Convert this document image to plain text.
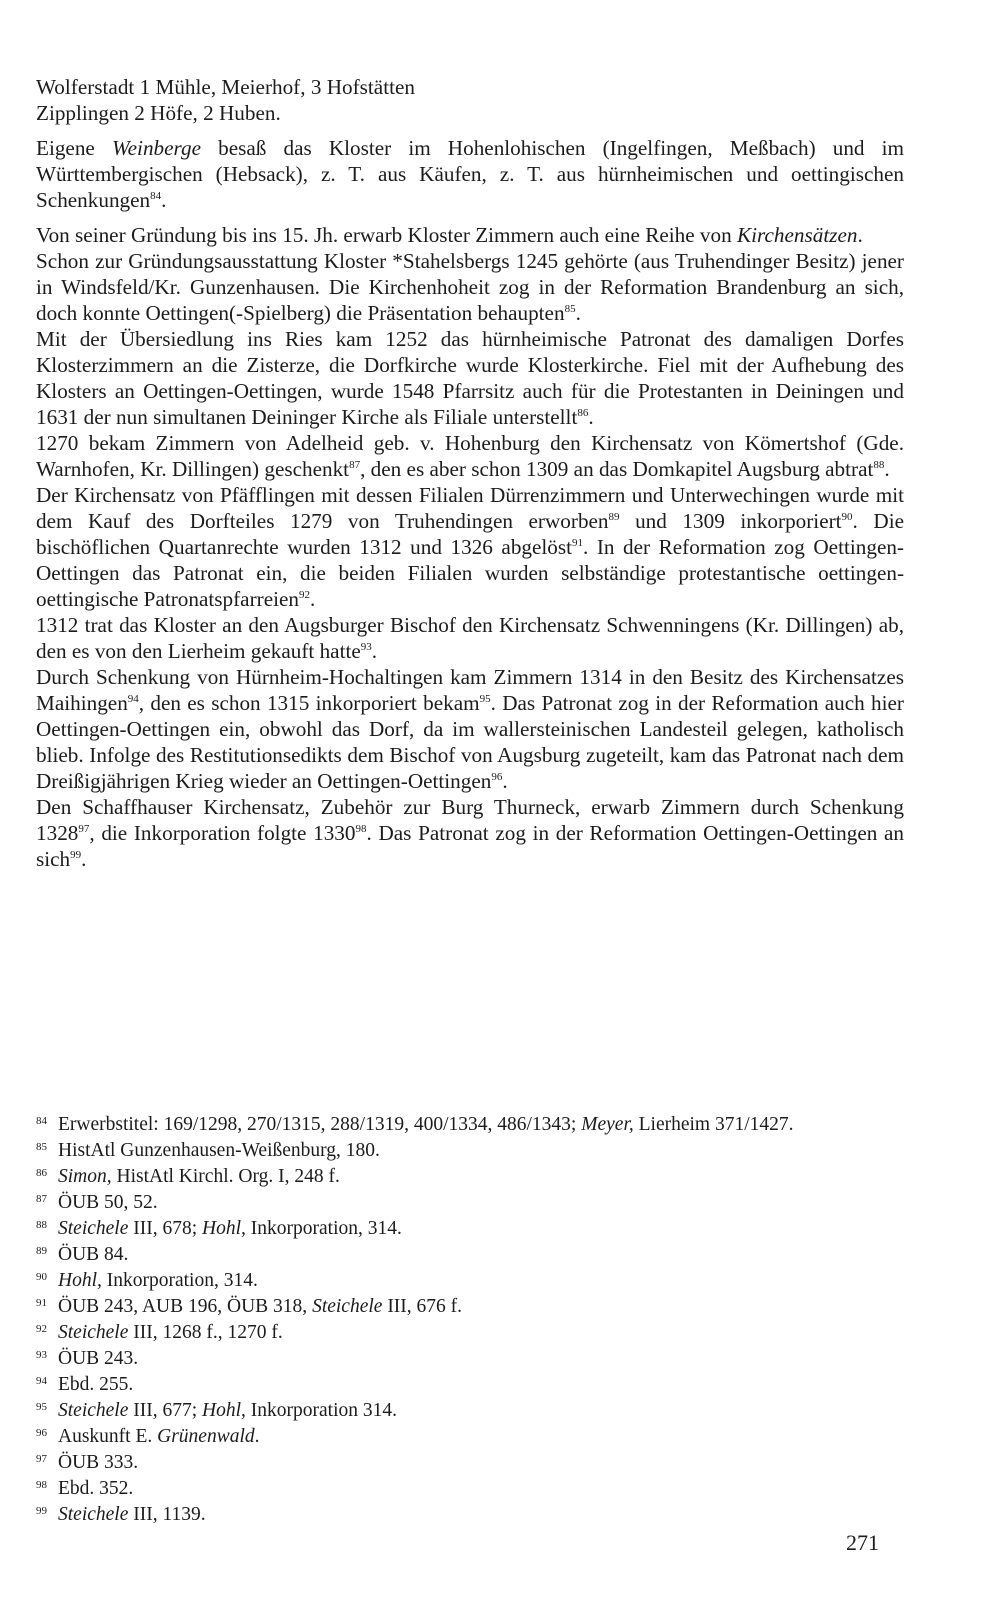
Wolferstadt 1 Mühle, Meierhof, 3 Hofstätten

Zipplingen 2 Höfe, 2 Huben.

Eigene Weinberge besaß das Kloster im Hohenlohischen (Ingelfingen, Meßbach) und im Württembergischen (Hebsack), z. T. aus Käufen, z. T. aus hürnheimischen und oettingischen Schenkungen$^{84}$.

Von seiner Gründung bis ins 15. Jh. erwarb Kloster Zimmern auch eine Reihe von Kirchensätzen.

Schon zur Gründungsausstattung Kloster *Stahelsbergs 1245 gehörte (aus Truhendinger Besitz) jener in Windsfeld/Kr. Gunzenhausen. Die Kirchenhoheit zog in der Reformation Brandenburg an sich, doch konnte Oettingen(-Spielberg) die Präsentation behaupten$^{85}$.

Mit der Übersiedlung ins Ries kam 1252 das hürnheimische Patronat des damaligen Dorfes Klosterzimmern an die Zisterze, die Dorfkirche wurde Klosterkirche. Fiel mit der Aufhebung des Klosters an Oettingen-Oettingen, wurde 1548 Pfarrsitz auch für die Protestanten in Deiningen und 1631 der nun simultanen Deininger Kirche als Filiale unterstellt$^{86}$.

1270 bekam Zimmern von Adelheid geb. v. Hohenburg den Kirchensatz von Kömertshof (Gde. Warnhofen, Kr. Dillingen) geschenkt$^{87}$, den es aber schon 1309 an das Domkapitel Augsburg abtrat$^{88}$.

Der Kirchensatz von Pfäfflingen mit dessen Filialen Dürrenzimmern und Unterwechingen wurde mit dem Kauf des Dorfteiles 1279 von Truhendingen erworben$^{89}$ und 1309 inkorporiert$^{90}$. Die bischöflichen Quartanrechte wurden 1312 und 1326 abgelöst$^{91}$. In der Reformation zog Oettingen-Oettingen das Patronat ein, die beiden Filialen wurden selbständige protestantische oettingen-oettingische Patronatspfarreien$^{92}$.

1312 trat das Kloster an den Augsburger Bischof den Kirchensatz Schwenningens (Kr. Dillingen) ab, den es von den Lierheim gekauft hatte$^{93}$.

Durch Schenkung von Hürnheim-Hochaltingen kam Zimmern 1314 in den Besitz des Kirchensatzes Maihingen$^{94}$, den es schon 1315 inkorporiert bekam$^{95}$. Das Patronat zog in der Reformation auch hier Oettingen-Oettingen ein, obwohl das Dorf, da im wallersteinischen Landesteil gelegen, katholisch blieb. Infolge des Restitutionsedikts dem Bischof von Augsburg zugeteilt, kam das Patronat nach dem Dreißigjährigen Krieg wieder an Oettingen-Oettingen$^{96}$.

Den Schaffhauser Kirchensatz, Zubehör zur Burg Thurneck, erwarb Zimmern durch Schenkung 1328$^{97}$, die Inkorporation folgte 1330$^{98}$. Das Patronat zog in der Reformation Oettingen-Oettingen an sich$^{99}$.

84 Erwerbstitel: 169/1298, 270/1315, 288/1319, 400/1334, 486/1343; Meyer, Lierheim 371/1427.

85 HistAtl Gunzenhausen-Weißenburg, 180.

86 Simon, HistAtl Kirchl. Org. I, 248 f.

87 ÖUB 50, 52.

88 Steichele III, 678; Hohl, Inkorporation, 314.

89 ÖUB 84.

90 Hohl, Inkorporation, 314.

91 ÖUB 243, AUB 196, ÖUB 318, Steichele III, 676 f.

92 Steichele III, 1268 f., 1270 f.

93 ÖUB 243.

94 Ebd. 255.

95 Steichele III, 677; Hohl, Inkorporation 314.

96 Auskunft E. Grünenwald.

97 ÖUB 333.

98 Ebd. 352.

99 Steichele III, 1139.

271
